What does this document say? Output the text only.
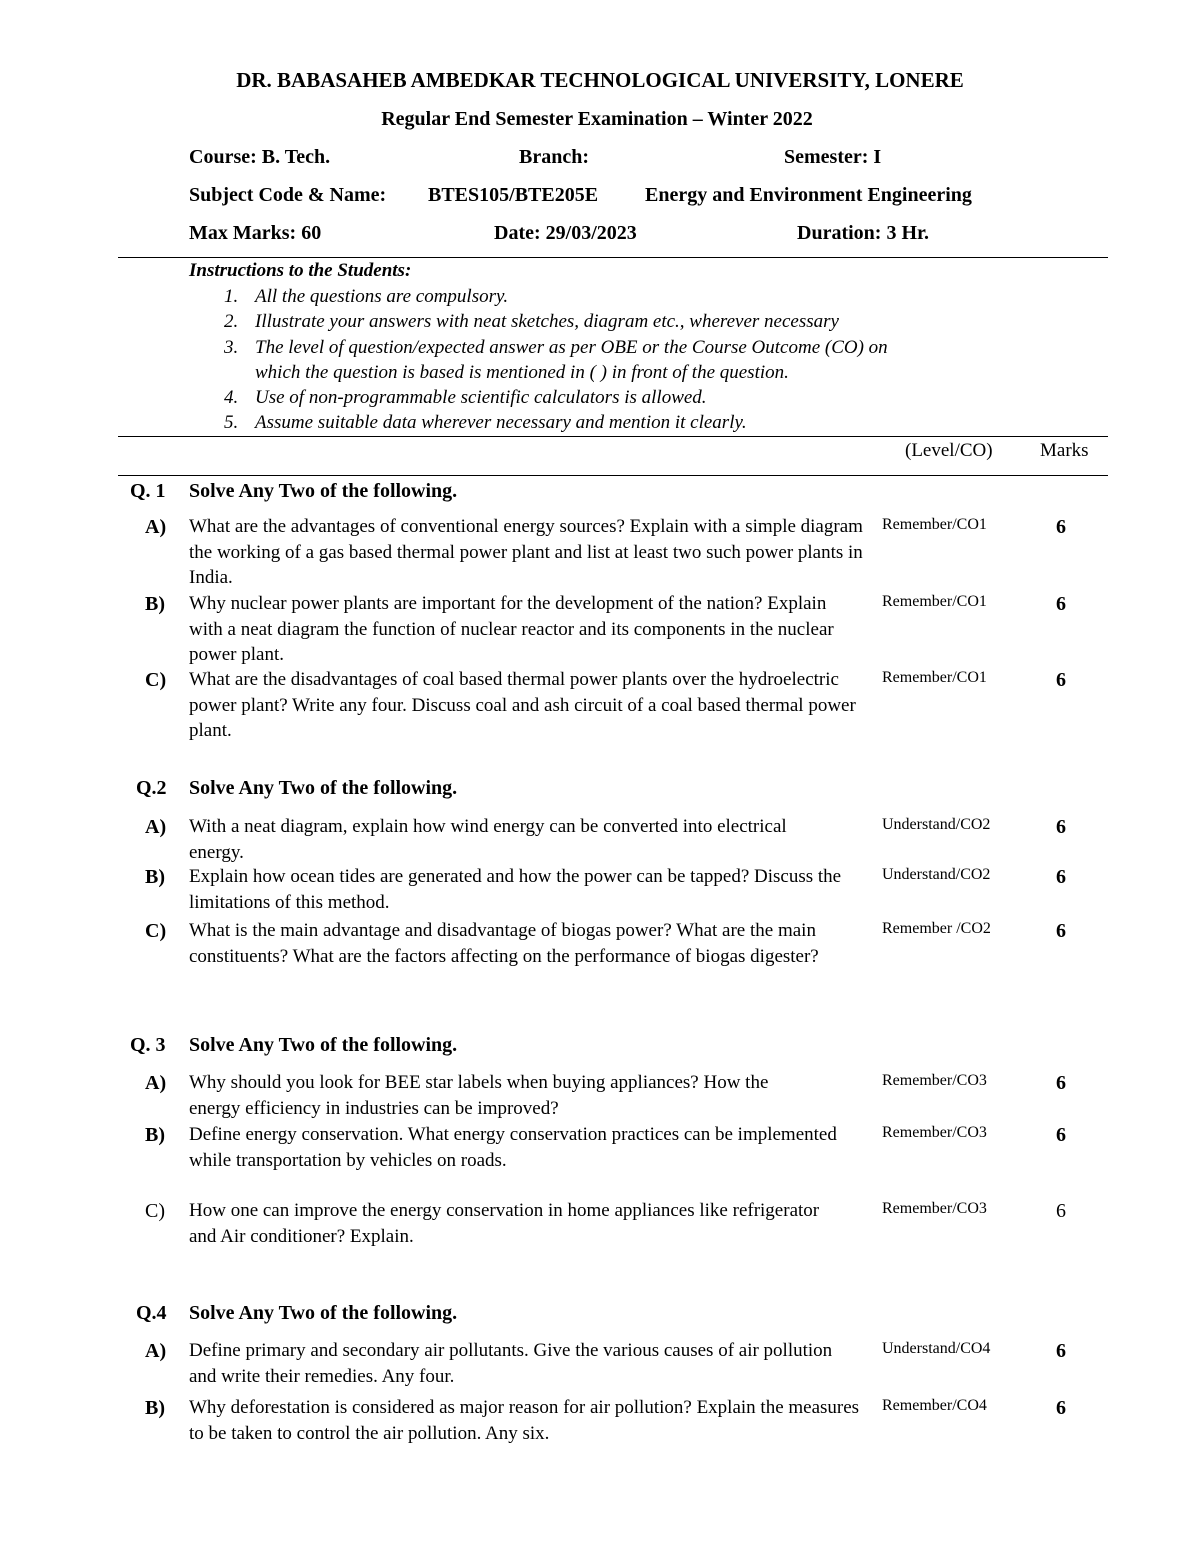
DR. BABASAHEB AMBEDKAR TECHNOLOGICAL UNIVERSITY, LONERE
Regular End Semester Examination – Winter 2022
Course: B. Tech.	Branch:	Semester: I
Subject Code & Name: BTES105/BTE205E Energy and Environment Engineering
Max Marks: 60	Date: 29/03/2023	Duration: 3 Hr.
Instructions to the Students:
1. All the questions are compulsory.
2. Illustrate your answers with neat sketches, diagram etc., wherever necessary
3. The level of question/expected answer as per OBE or the Course Outcome (CO) on
which the question is based is mentioned in ( ) in front of the question.
4. Use of non-programmable scientific calculators is allowed.
5. Assume suitable data wherever necessary and mention it clearly.
(Level/CO) Marks
Q. 1 Solve Any Two of the following.
A) What are the advantages of conventional energy sources? Explain with a simple diagram the working of a gas based thermal power plant and list at least two such power plants in India.
Remember/CO1	6
B) Why nuclear power plants are important for the development of the nation? Explain with a neat diagram the function of nuclear reactor and its components in the nuclear power plant.
Remember/CO1	6
C) What are the disadvantages of coal based thermal power plants over the hydroelectric power plant? Write any four. Discuss coal and ash circuit of a coal based thermal power plant.
Remember/CO1	6
Q.2 Solve Any Two of the following.
A) With a neat diagram, explain how wind energy can be converted into electrical energy.
Understand/CO2	6
B) Explain how ocean tides are generated and how the power can be tapped? Discuss the limitations of this method.
Understand/CO2	6
C) What is the main advantage and disadvantage of biogas power? What are the main constituents? What are the factors affecting on the performance of biogas digester?
Remember /CO2	6
Q. 3 Solve Any Two of the following.
A) Why should you look for BEE star labels when buying appliances? How the energy efficiency in industries can be improved?
Remember/CO3	6
B) Define energy conservation. What energy conservation practices can be implemented while transportation by vehicles on roads.
Remember/CO3	6
C) How one can improve the energy conservation in home appliances like refrigerator and Air conditioner? Explain.
Remember/CO3	6
Q.4 Solve Any Two of the following.
A) Define primary and secondary air pollutants. Give the various causes of air pollution and write their remedies. Any four.
Understand/CO4	6
B) Why deforestation is considered as major reason for air pollution? Explain the measures to be taken to control the air pollution. Any six.
Remember/CO4	6
